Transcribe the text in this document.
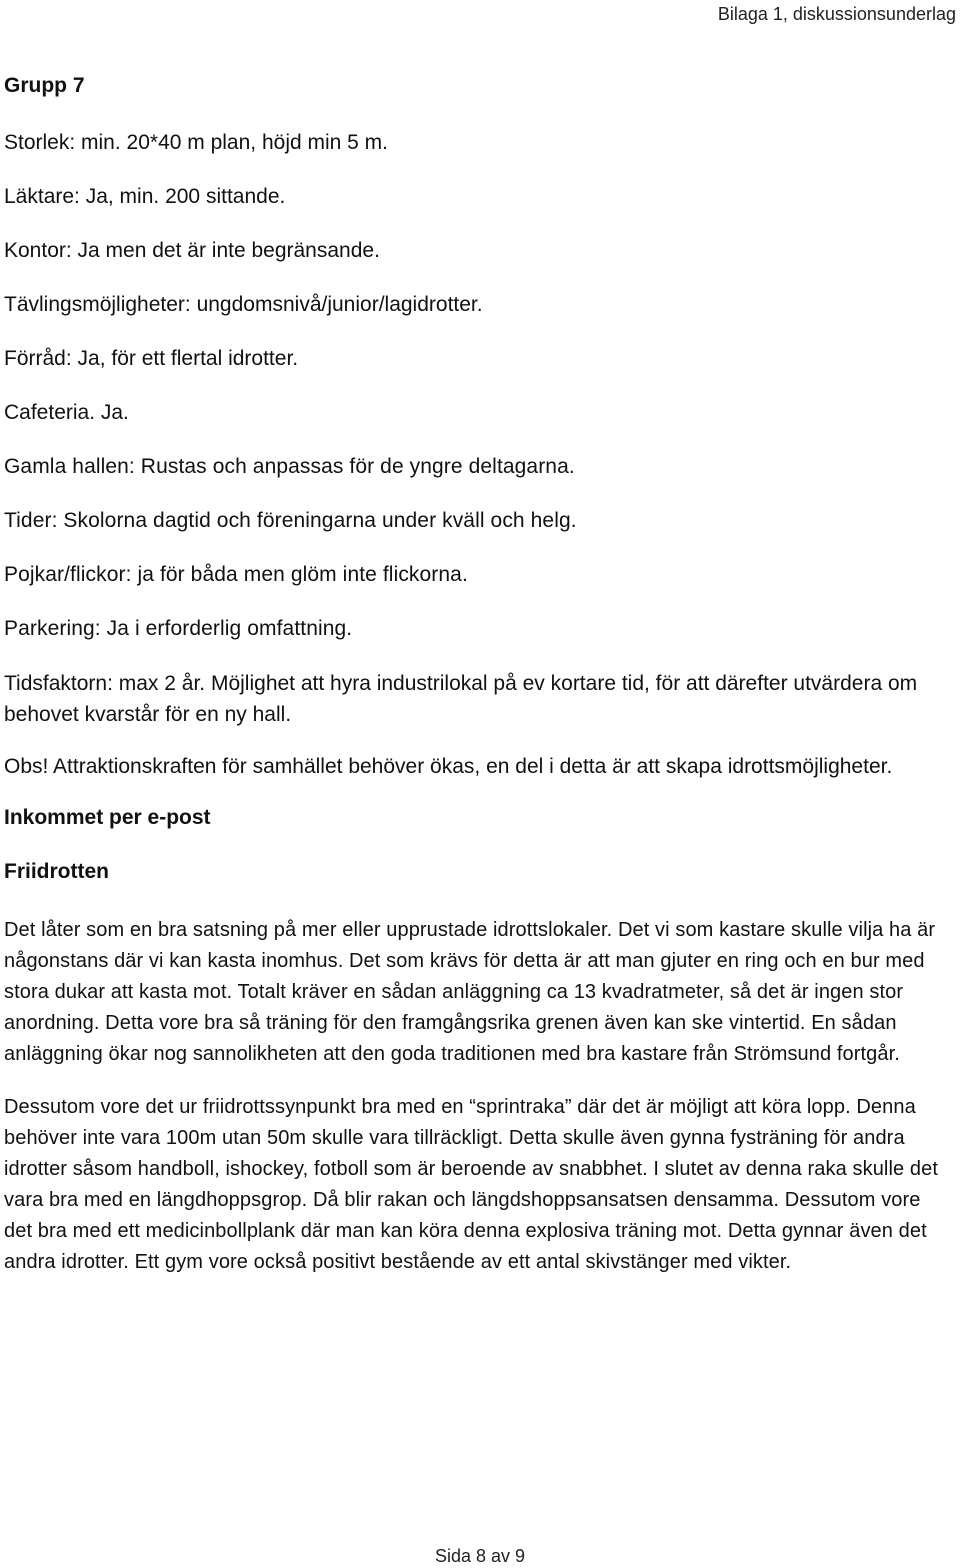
Bilaga 1, diskussionsunderlag
Grupp 7
Storlek: min. 20*40 m plan, höjd min 5 m.
Läktare: Ja, min. 200 sittande.
Kontor: Ja men det är inte begränsande.
Tävlingsmöjligheter: ungdomsnivå/junior/lagidrotter.
Förråd: Ja, för ett flertal idrotter.
Cafeteria. Ja.
Gamla hallen: Rustas och anpassas för de yngre deltagarna.
Tider: Skolorna dagtid och föreningarna under kväll och helg.
Pojkar/flickor: ja för båda men glöm inte flickorna.
Parkering: Ja i erforderlig omfattning.
Tidsfaktorn: max 2 år. Möjlighet att hyra industrilokal på ev kortare tid, för att därefter utvärdera om behovet kvarstår för en ny hall.
Obs! Attraktionskraften för samhället behöver ökas, en del i detta är att skapa idrottsmöjligheter.
Inkommet per e-post
Friidrotten
Det låter som en bra satsning på mer eller upprustade idrottslokaler. Det vi som kastare skulle vilja ha är någonstans där vi kan kasta inomhus. Det som krävs för detta är att man gjuter en ring och en bur med stora dukar att kasta mot. Totalt kräver en sådan anläggning ca 13 kvadratmeter, så det är ingen stor anordning. Detta vore bra så träning för den framgångsrika grenen även kan ske vintertid. En sådan anläggning ökar nog sannolikheten att den goda traditionen med bra kastare från Strömsund fortgår.
Dessutom vore det ur friidrottssynpunkt bra med en “sprintraka” där det är möjligt att köra lopp. Denna behöver inte vara 100m utan 50m skulle vara tillräckligt. Detta skulle även gynna fysträning för andra idrotter såsom handboll, ishockey, fotboll som är beroende av snabbhet. I slutet av denna raka skulle det vara bra med en längdhoppsgrop. Då blir rakan och längdshoppsansatsen densamma. Dessutom vore det bra med ett medicinbollplank där man kan köra denna explosiva träning mot. Detta gynnar även det andra idrotter. Ett gym vore också positivt bestående av ett antal skivstänger med vikter.
Sida 8 av 9
